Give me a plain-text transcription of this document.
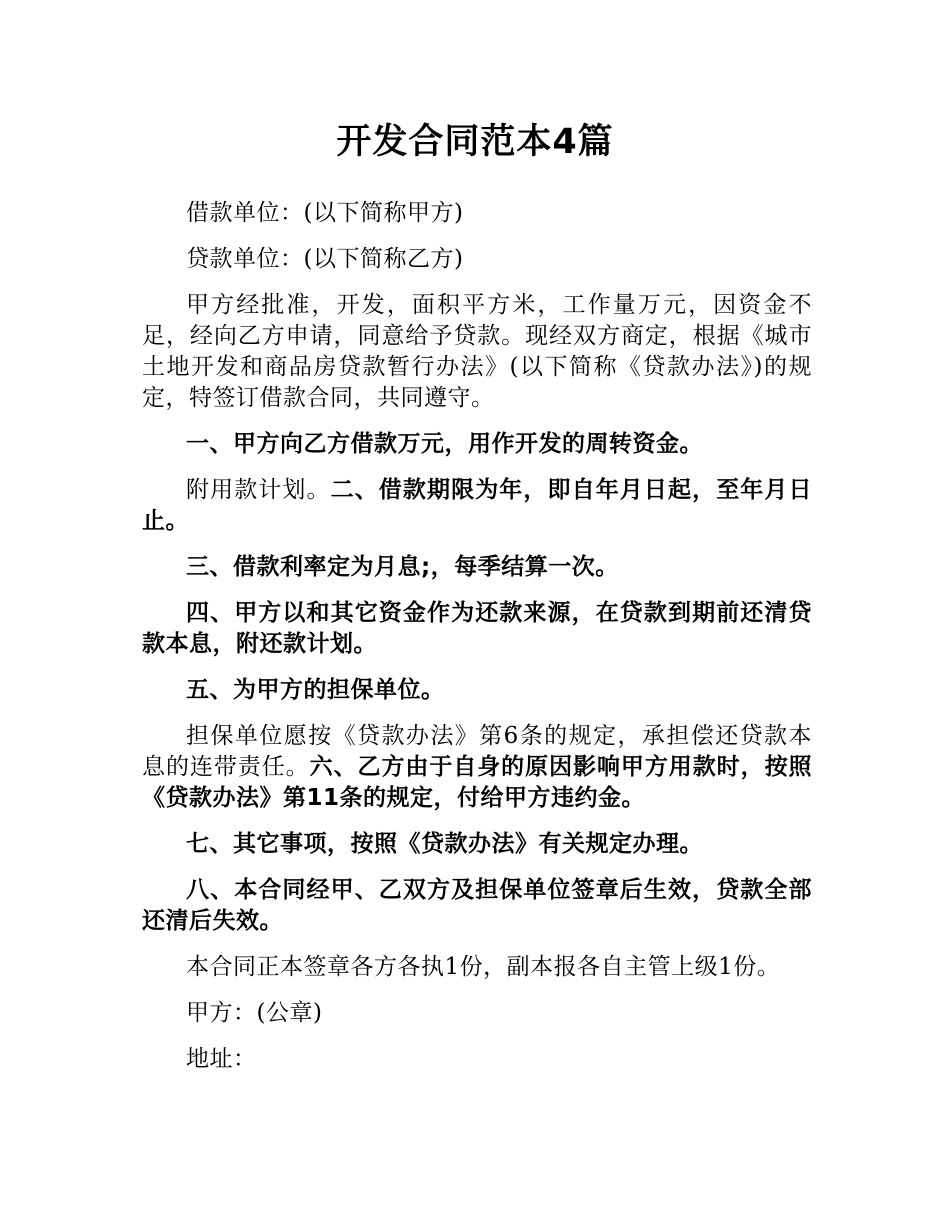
开发合同范本4篇

借款单位：(以下简称甲方)

贷款单位：(以下简称乙方)

甲方经批准，开发，面积平方米，工作量万元，因资金不足，经向乙方申请，同意给予贷款。现经双方商定，根据《城市土地开发和商品房贷款暂行办法》(以下简称《贷款办法》)的规定，特签订借款合同，共同遵守。

一、甲方向乙方借款万元，用作开发的周转资金。

附用款计划。二、借款期限为年，即自年月日起，至年月日止。

三、借款利率定为月息;，每季结算一次。

四、甲方以和其它资金作为还款来源，在贷款到期前还清贷款本息，附还款计划。

五、为甲方的担保单位。

担保单位愿按《贷款办法》第6条的规定，承担偿还贷款本息的连带责任。六、乙方由于自身的原因影响甲方用款时，按照《贷款办法》第11条的规定，付给甲方违约金。

七、其它事项，按照《贷款办法》有关规定办理。

八、本合同经甲、乙双方及担保单位签章后生效，贷款全部还清后失效。

本合同正本签章各方各执1份，副本报各自主管上级1份。

甲方：(公章)

地址：
